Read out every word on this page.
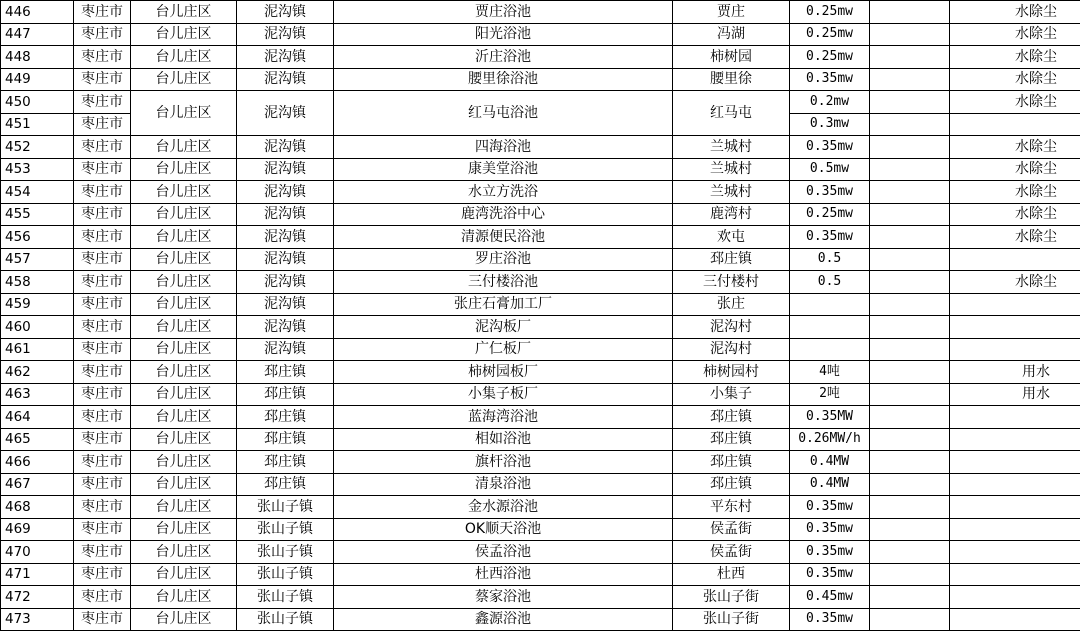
446	枣庄市	台儿庄区	泥沟镇	贾庄浴池	贾庄	0.25mw		水除尘	
447	枣庄市	台儿庄区	泥沟镇	阳光浴池	冯湖	0.25mw		水除尘	
448	枣庄市	台儿庄区	泥沟镇	沂庄浴池	柿树园	0.25mw		水除尘	
449	枣庄市	台儿庄区	泥沟镇	腰里徐浴池	腰里徐	0.35mw		水除尘	
450	枣庄市	台儿庄区	泥沟镇	红马屯浴池	红马屯	0.2mw		水除尘	
451	枣庄市					0.3mw			
452	枣庄市	台儿庄区	泥沟镇	四海浴池	兰城村	0.35mw		水除尘	
453	枣庄市	台儿庄区	泥沟镇	康美堂浴池	兰城村	0.5mw		水除尘	
454	枣庄市	台儿庄区	泥沟镇	水立方洗浴	兰城村	0.35mw		水除尘	
455	枣庄市	台儿庄区	泥沟镇	鹿湾洗浴中心	鹿湾村	0.25mw		水除尘	
456	枣庄市	台儿庄区	泥沟镇	清源便民浴池	欢屯	0.35mw		水除尘	
457	枣庄市	台儿庄区	泥沟镇	罗庄浴池	邳庄镇	0.5			
458	枣庄市	台儿庄区	泥沟镇	三付楼浴池	三付楼村	0.5		水除尘	
459	枣庄市	台儿庄区	泥沟镇	张庄石膏加工厂	张庄				
460	枣庄市	台儿庄区	泥沟镇	泥沟板厂	泥沟村				
461	枣庄市	台儿庄区	泥沟镇	广仁板厂	泥沟村				
462	枣庄市	台儿庄区	邳庄镇	柿树园板厂	柿树园村	4吨		用水	
463	枣庄市	台儿庄区	邳庄镇	小集子板厂	小集子	2吨		用水	
464	枣庄市	台儿庄区	邳庄镇	蓝海湾浴池	邳庄镇	0.35MW			
465	枣庄市	台儿庄区	邳庄镇	相如浴池	邳庄镇	0.26MW/h			
466	枣庄市	台儿庄区	邳庄镇	旗杆浴池	邳庄镇	0.4MW			
467	枣庄市	台儿庄区	邳庄镇	清泉浴池	邳庄镇	0.4MW			
468	枣庄市	台儿庄区	张山子镇	金水源浴池	平东村	0.35mw			
469	枣庄市	台儿庄区	张山子镇	OK顺天浴池	侯孟街	0.35mw			
470	枣庄市	台儿庄区	张山子镇	侯孟浴池	侯孟街	0.35mw			
471	枣庄市	台儿庄区	张山子镇	杜西浴池	杜西	0.35mw			
472	枣庄市	台儿庄区	张山子镇	蔡家浴池	张山子街	0.45mw			
473	枣庄市	台儿庄区	张山子镇	鑫源浴池	张山子街	0.35mw			
